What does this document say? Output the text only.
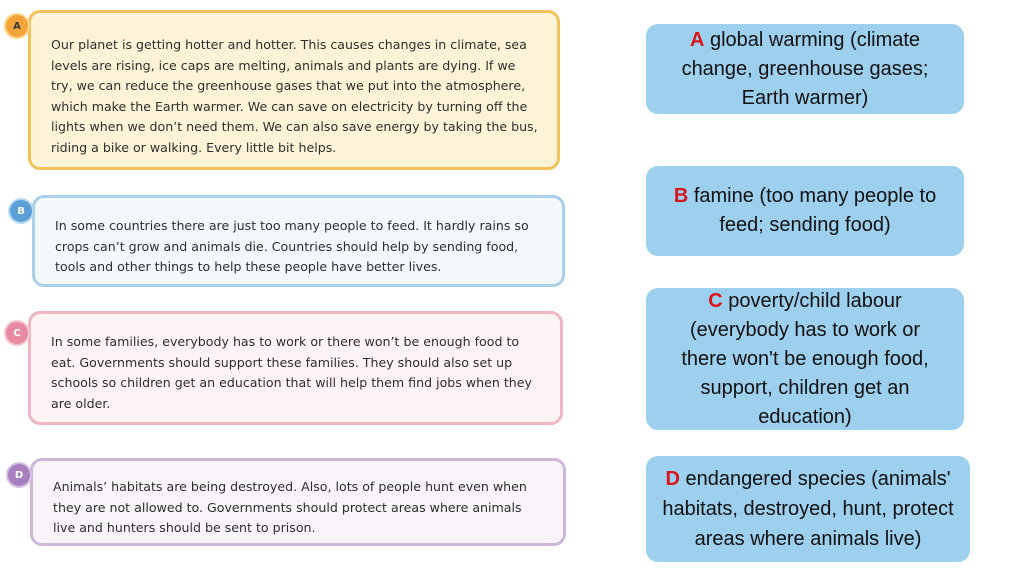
Our planet is getting hotter and hotter. This causes changes in climate, sea levels are rising, ice caps are melting, animals and plants are dying. If we try, we can reduce the greenhouse gases that we put into the atmosphere, which make the Earth warmer. We can save on electricity by turning off the lights when we don’t need them. We can also save energy by taking the bus, riding a bike or walking. Every little bit helps.

A

In some countries there are just too many people to feed. It hardly rains so crops can’t grow and animals die. Countries should help by sending food, tools and other things to help these people have better lives.

B

In some families, everybody has to work or there won’t be enough food to eat. Governments should support these families. They should also set up schools so children get an education that will help them find jobs when they are older.

C

Animals’ habitats are being destroyed. Also, lots of people hunt even when they are not allowed to. Governments should protect areas where animals live and hunters should be sent to prison.

D
A global warming (climate change, greenhouse gases; Earth warmer)
B famine (too many people to feed; sending food)
C poverty/child labour (everybody has to work or there won't be enough food, support, children get an education)
D endangered species (animals' habitats, destroyed, hunt, protect areas where animals live)
